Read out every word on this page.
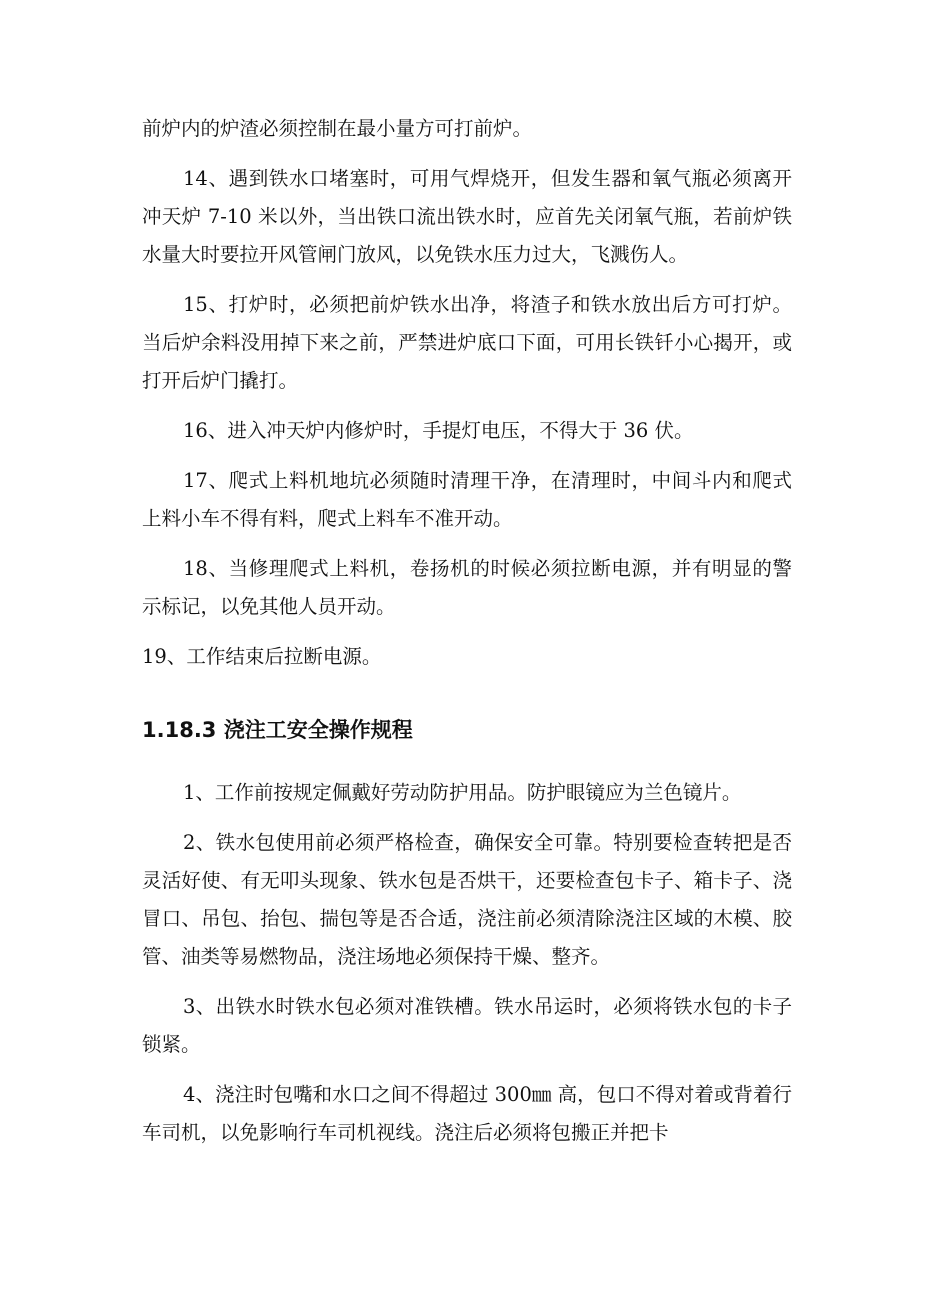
前炉内的炉渣必须控制在最小量方可打前炉。

14、遇到铁水口堵塞时，可用气焊烧开，但发生器和氧气瓶必须离开冲天炉 7-10 米以外，当出铁口流出铁水时，应首先关闭氧气瓶，若前炉铁水量大时要拉开风管闸门放风，以免铁水压力过大，飞溅伤人。

15、打炉时，必须把前炉铁水出净，将渣子和铁水放出后方可打炉。当后炉余料没用掉下来之前，严禁进炉底口下面，可用长铁钎小心揭开，或打开后炉门撬打。

16、进入冲天炉内修炉时，手提灯电压，不得大于 36 伏。

17、爬式上料机地坑必须随时清理干净，在清理时，中间斗内和爬式上料小车不得有料，爬式上料车不准开动。

18、当修理爬式上料机，卷扬机的时候必须拉断电源，并有明显的警示标记，以免其他人员开动。

19、工作结束后拉断电源。

1.18.3 浇注工安全操作规程

1、工作前按规定佩戴好劳动防护用品。防护眼镜应为兰色镜片。

2、铁水包使用前必须严格检查，确保安全可靠。特别要检查转把是否灵活好使、有无叩头现象、铁水包是否烘干，还要检查包卡子、箱卡子、浇冒口、吊包、抬包、揣包等是否合适，浇注前必须清除浇注区域的木模、胶管、油类等易燃物品，浇注场地必须保持干燥、整齐。

3、出铁水时铁水包必须对准铁槽。铁水吊运时，必须将铁水包的卡子锁紧。

4、浇注时包嘴和水口之间不得超过 300㎜ 高，包口不得对着或背着行车司机，以免影响行车司机视线。浇注后必须将包搬正并把卡
